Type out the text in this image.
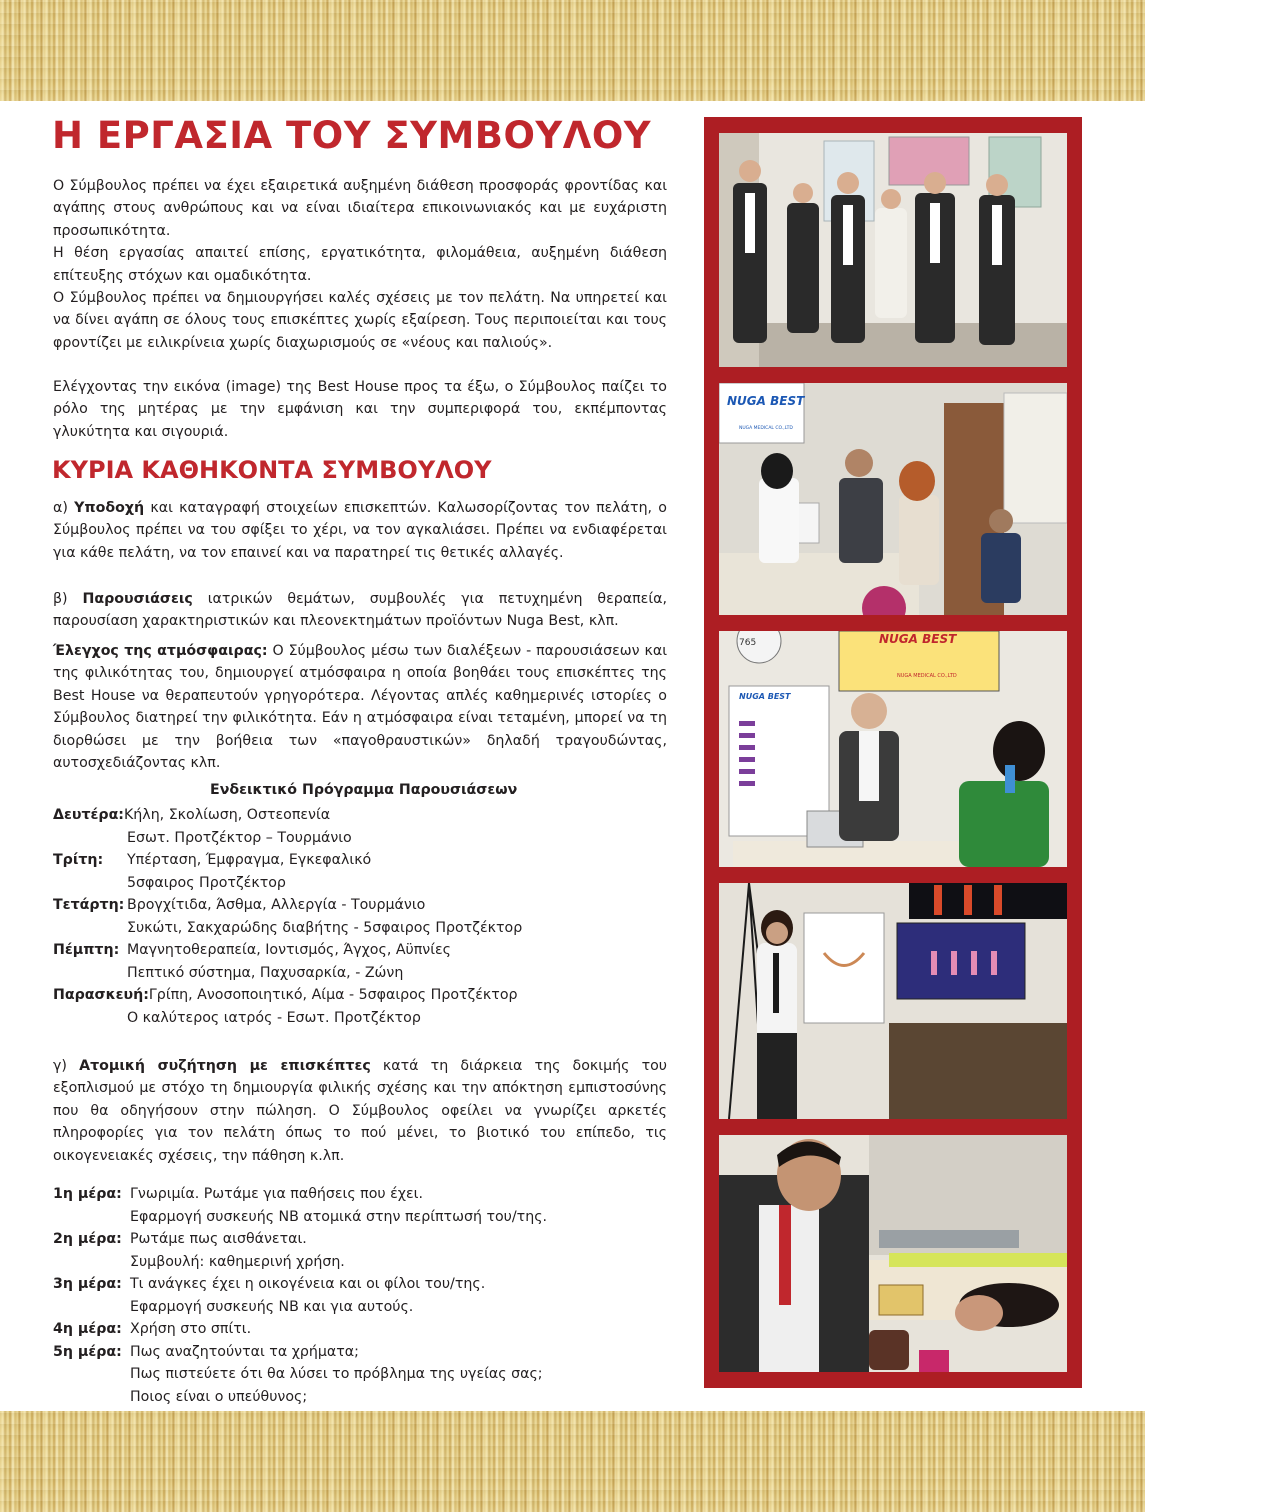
Η ΕΡΓΑΣΙΑ ΤΟΥ ΣΥΜΒΟΥΛΟΥ
Ο Σύμβουλος πρέπει να έχει εξαιρετικά αυξημένη διάθεση προσφοράς φροντίδας και αγάπης στους ανθρώπους και να είναι ιδιαίτερα επικοινωνιακός και με ευχάριστη προσωπικότητα.
Η θέση εργασίας απαιτεί επίσης, εργατικότητα, φιλομάθεια, αυξημένη διάθεση επίτευξης στόχων και ομαδικότητα.
Ο Σύμβουλος πρέπει να δημιουργήσει καλές σχέσεις με τον πελάτη. Να υπηρετεί και να δίνει αγάπη σε όλους τους επισκέπτες χωρίς εξαίρεση. Τους περιποιείται και τους φροντίζει με ειλικρίνεια χωρίς διαχωρισμούς σε «νέους και παλιούς».

Ελέγχοντας την εικόνα (image) της Best House προς τα έξω, ο Σύμβουλος παίζει το ρόλο της μητέρας με την εμφάνιση και την συμπεριφορά του, εκπέμποντας γλυκύτητα και σιγουριά.

ΚΥΡΙΑ ΚΑΘΗΚΟΝΤΑ ΣΥΜΒΟΥΛΟΥ

α) Υποδοχή και καταγραφή στοιχείων επισκεπτών. Καλωσορίζοντας τον πελάτη, ο Σύμβουλος πρέπει να του σφίξει το χέρι, να τον αγκαλιάσει. Πρέπει να ενδιαφέρεται για κάθε πελάτη, να τον επαινεί και να παρατηρεί τις θετικές αλλαγές.

β) Παρουσιάσεις ιατρικών θεμάτων, συμβουλές για πετυχημένη θεραπεία, παρουσίαση χαρακτηριστικών και πλεονεκτημάτων προϊόντων Nuga Best, κλπ.

Έλεγχος της ατμόσφαιρας: Ο Σύμβουλος μέσω των διαλέξεων - παρουσιάσεων και της φιλικότητας του, δημιουργεί ατμόσφαιρα η οποία βοηθάει τους επισκέπτες της Best House να θεραπευτούν γρηγορότερα. Λέγοντας απλές καθημερινές ιστορίες ο Σύμβουλος διατηρεί την φιλικότητα. Εάν η ατμόσφαιρα είναι τεταμένη, μπορεί να τη διορθώσει με την βοήθεια των «παγοθραυστικών» δηλαδή τραγουδώντας, αυτοσχεδιάζοντας κλπ.

Ενδεικτικό Πρόγραμμα Παρουσιάσεων

Δευτέρα: Κήλη, Σκολίωση, Οστεοπενία
Εσωτ. Προτζέκτορ – Τουρμάνιο
Τρίτη:	Υπέρταση, Έμφραγμα, Εγκεφαλικό
5σφαιρος Προτζέκτορ
Τετάρτη: Βρογχίτιδα, Άσθμα, Αλλεργία - Τουρμάνιο
Συκώτι, Σακχαρώδης διαβήτης - 5σφαιρος Προτζέκτορ
Πέμπτη: Μαγνητοθεραπεία, Ιοντισμός, Άγχος, Αϋπνίες
Πεπτικό σύστημα, Παχυσαρκία, - Ζώνη
Παρασκευή: Γρίπη, Ανοσοποιητικό, Αίμα - 5σφαιρος Προτζέκτορ
Ο καλύτερος ιατρός - Εσωτ. Προτζέκτορ

γ) Ατομική συζήτηση με επισκέπτες κατά τη διάρκεια της δοκιμής του εξοπλισμού με στόχο τη δημιουργία φιλικής σχέσης και την απόκτηση εμπιστοσύνης που θα οδηγήσουν στην πώληση. Ο Σύμβουλος οφείλει να γνωρίζει αρκετές πληροφορίες για τον πελάτη όπως το πού μένει, το βιοτικό του επίπεδο, τις οικογενειακές σχέσεις, την πάθηση κ.λπ.

1η μέρα: Γνωριμία. Ρωτάμε για παθήσεις που έχει.
Εφαρμογή συσκευής NB ατομικά στην περίπτωσή του/της.
2η μέρα: Ρωτάμε πως αισθάνεται.
Συμβουλή: καθημερινή χρήση.
3η μέρα: Τι ανάγκες έχει η οικογένεια και οι φίλοι του/της.
Εφαρμογή συσκευής NB και για αυτούς.
4η μέρα: Χρήση στο σπίτι.
5η μέρα: Πως αναζητούνται τα χρήματα;
Πως πιστεύετε ότι θα λύσει το πρόβλημα της υγείας σας;
Ποιος είναι ο υπεύθυνος;
NUGA BEST
NUGA MEDICAL CO.,LTD
NUGA BEST
NUGA MEDICAL CO.,LTD
765
NUGA BEST
